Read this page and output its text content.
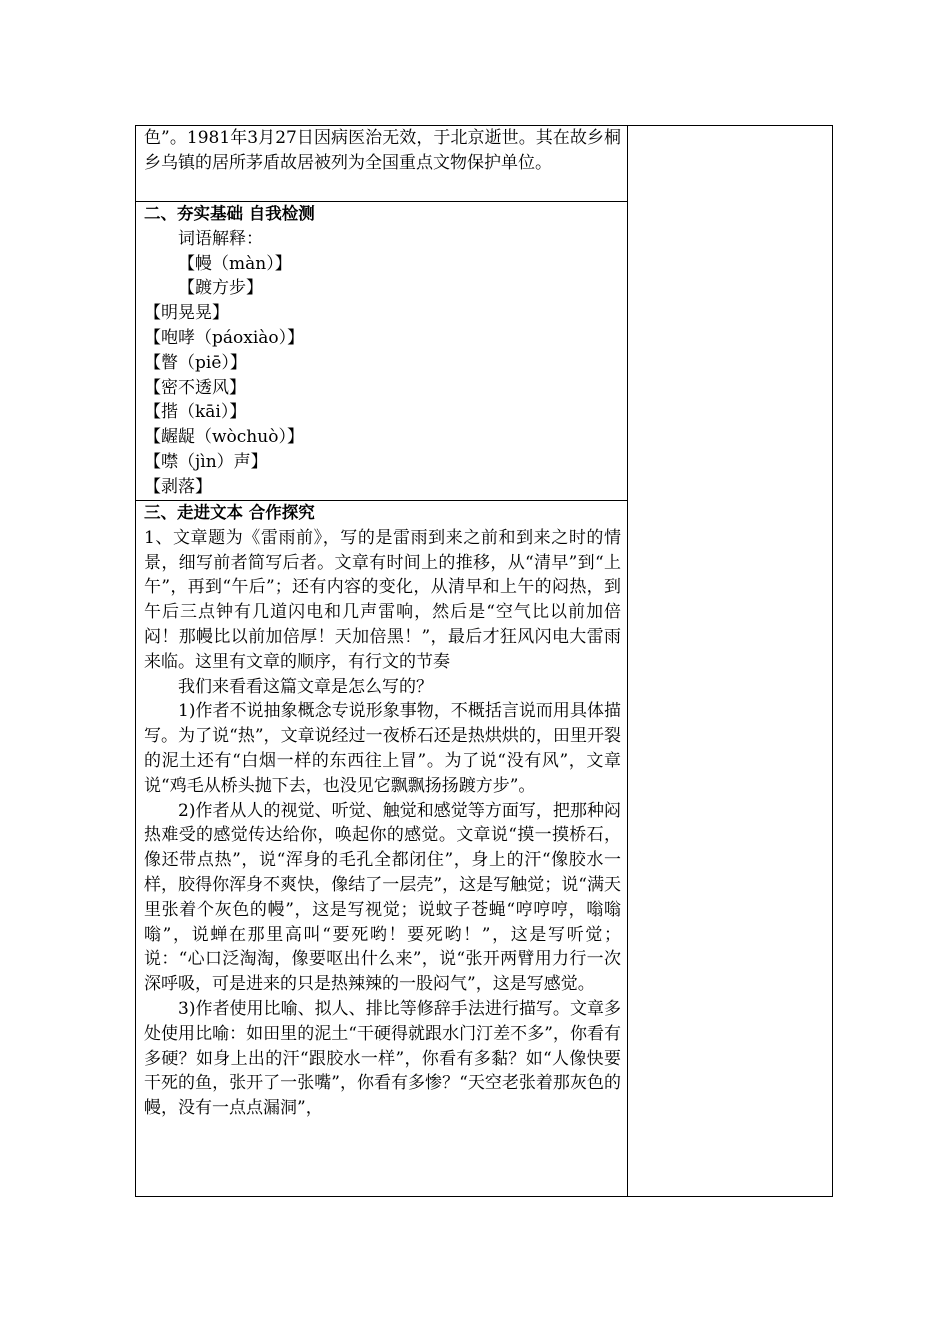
色”。1981年3月27日因病医治无效，于北京逝世。其在故乡桐乡乌镇的居所茅盾故居被列为全国重点文物保护单位。

二、夯实基础 自我检测

词语解释：

【幔（màn）】

【踱方步】

【明晃晃】

【咆哮（páoxiào）】

【瞥（piē）】

【密不透风】

【揩（kāi）】

【龌龊（wòchuò）】

【噤（jìn）声】

【剥落】

三、走进文本 合作探究

1、文章题为《雷雨前》，写的是雷雨到来之前和到来之时的情景，细写前者简写后者。文章有时间上的推移，从“清早”到“上午”，再到“午后”；还有内容的变化，从清早和上午的闷热，到午后三点钟有几道闪电和几声雷响，然后是“空气比以前加倍闷！那幔比以前加倍厚！天加倍黑！”，最后才狂风闪电大雷雨来临。这里有文章的顺序，有行文的节奏

我们来看看这篇文章是怎么写的？

1)作者不说抽象概念专说形象事物，不概括言说而用具体描写。为了说“热”，文章说经过一夜桥石还是热烘烘的，田里开裂的泥土还有“白烟一样的东西往上冒”。为了说“没有风”，文章说“鸡毛从桥头抛下去，也没见它飘飘扬扬踱方步”。

2)作者从人的视觉、听觉、触觉和感觉等方面写，把那种闷热难受的感觉传达给你，唤起你的感觉。文章说“摸一摸桥石，像还带点热”，说“浑身的毛孔全都闭住”，身上的汗“像胶水一样，胶得你浑身不爽快，像结了一层壳”，这是写触觉；说“满天里张着个灰色的幔”，这是写视觉；说蚊子苍蝇“哼哼哼，嗡嗡嗡”，说蝉在那里高叫“要死哟！要死哟！”，这是写听觉；说：“心口泛淘淘，像要呕出什么来”，说“张开两臂用力行一次深呼吸，可是进来的只是热辣辣的一股闷气”，这是写感觉。

3)作者使用比喻、拟人、排比等修辞手法进行描写。文章多处使用比喻：如田里的泥土“干硬得就跟水门汀差不多”，你看有多硬？如身上出的汗“跟胶水一样”，你看有多黏？如“人像快要干死的鱼，张开了一张嘴”，你看有多惨？“天空老张着那灰色的幔，没有一点点漏洞”，
